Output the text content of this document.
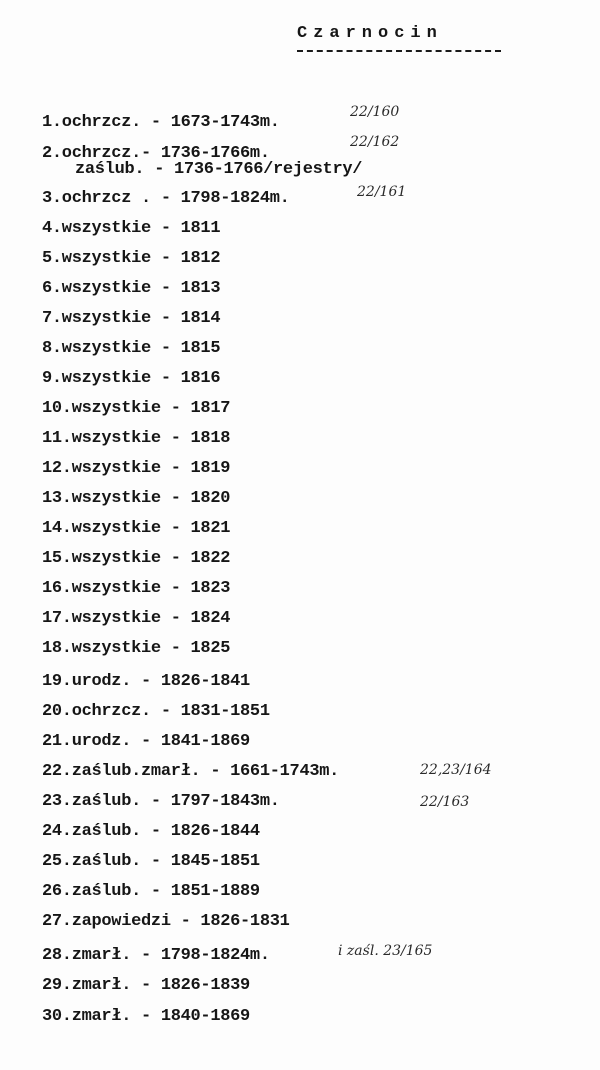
Czarnocin
1.ochrzcz. - 1673-1743m.
2.ochrzcz.- 1736-1766m.
zaślub. - 1736-1766/rejestry/
3.ochrzcz . - 1798-1824m.
4.wszystkie - 1811
5.wszystkie - 1812
6.wszystkie - 1813
7.wszystkie - 1814
8.wszystkie - 1815
9.wszystkie - 1816
10.wszystkie - 1817
11.wszystkie - 1818
12.wszystkie - 1819
13.wszystkie - 1820
14.wszystkie - 1821
15.wszystkie - 1822
16.wszystkie - 1823
17.wszystkie - 1824
18.wszystkie - 1825
19.urodz. - 1826-1841
20.ochrzcz. - 1831-1851
21.urodz. - 1841-1869
22.zaślub.zmarł. - 1661-1743m.
23.zaślub. - 1797-1843m.
24.zaślub. - 1826-1844
25.zaślub. - 1845-1851
26.zaślub. - 1851-1889
27.zapowiedzi - 1826-1831
28.zmarł. - 1798-1824m.
29.zmarł. - 1826-1839
30.zmarł. - 1840-1869
22/160
22/162
22/161
22,23/164
22/163
i zaśl. 23/165
